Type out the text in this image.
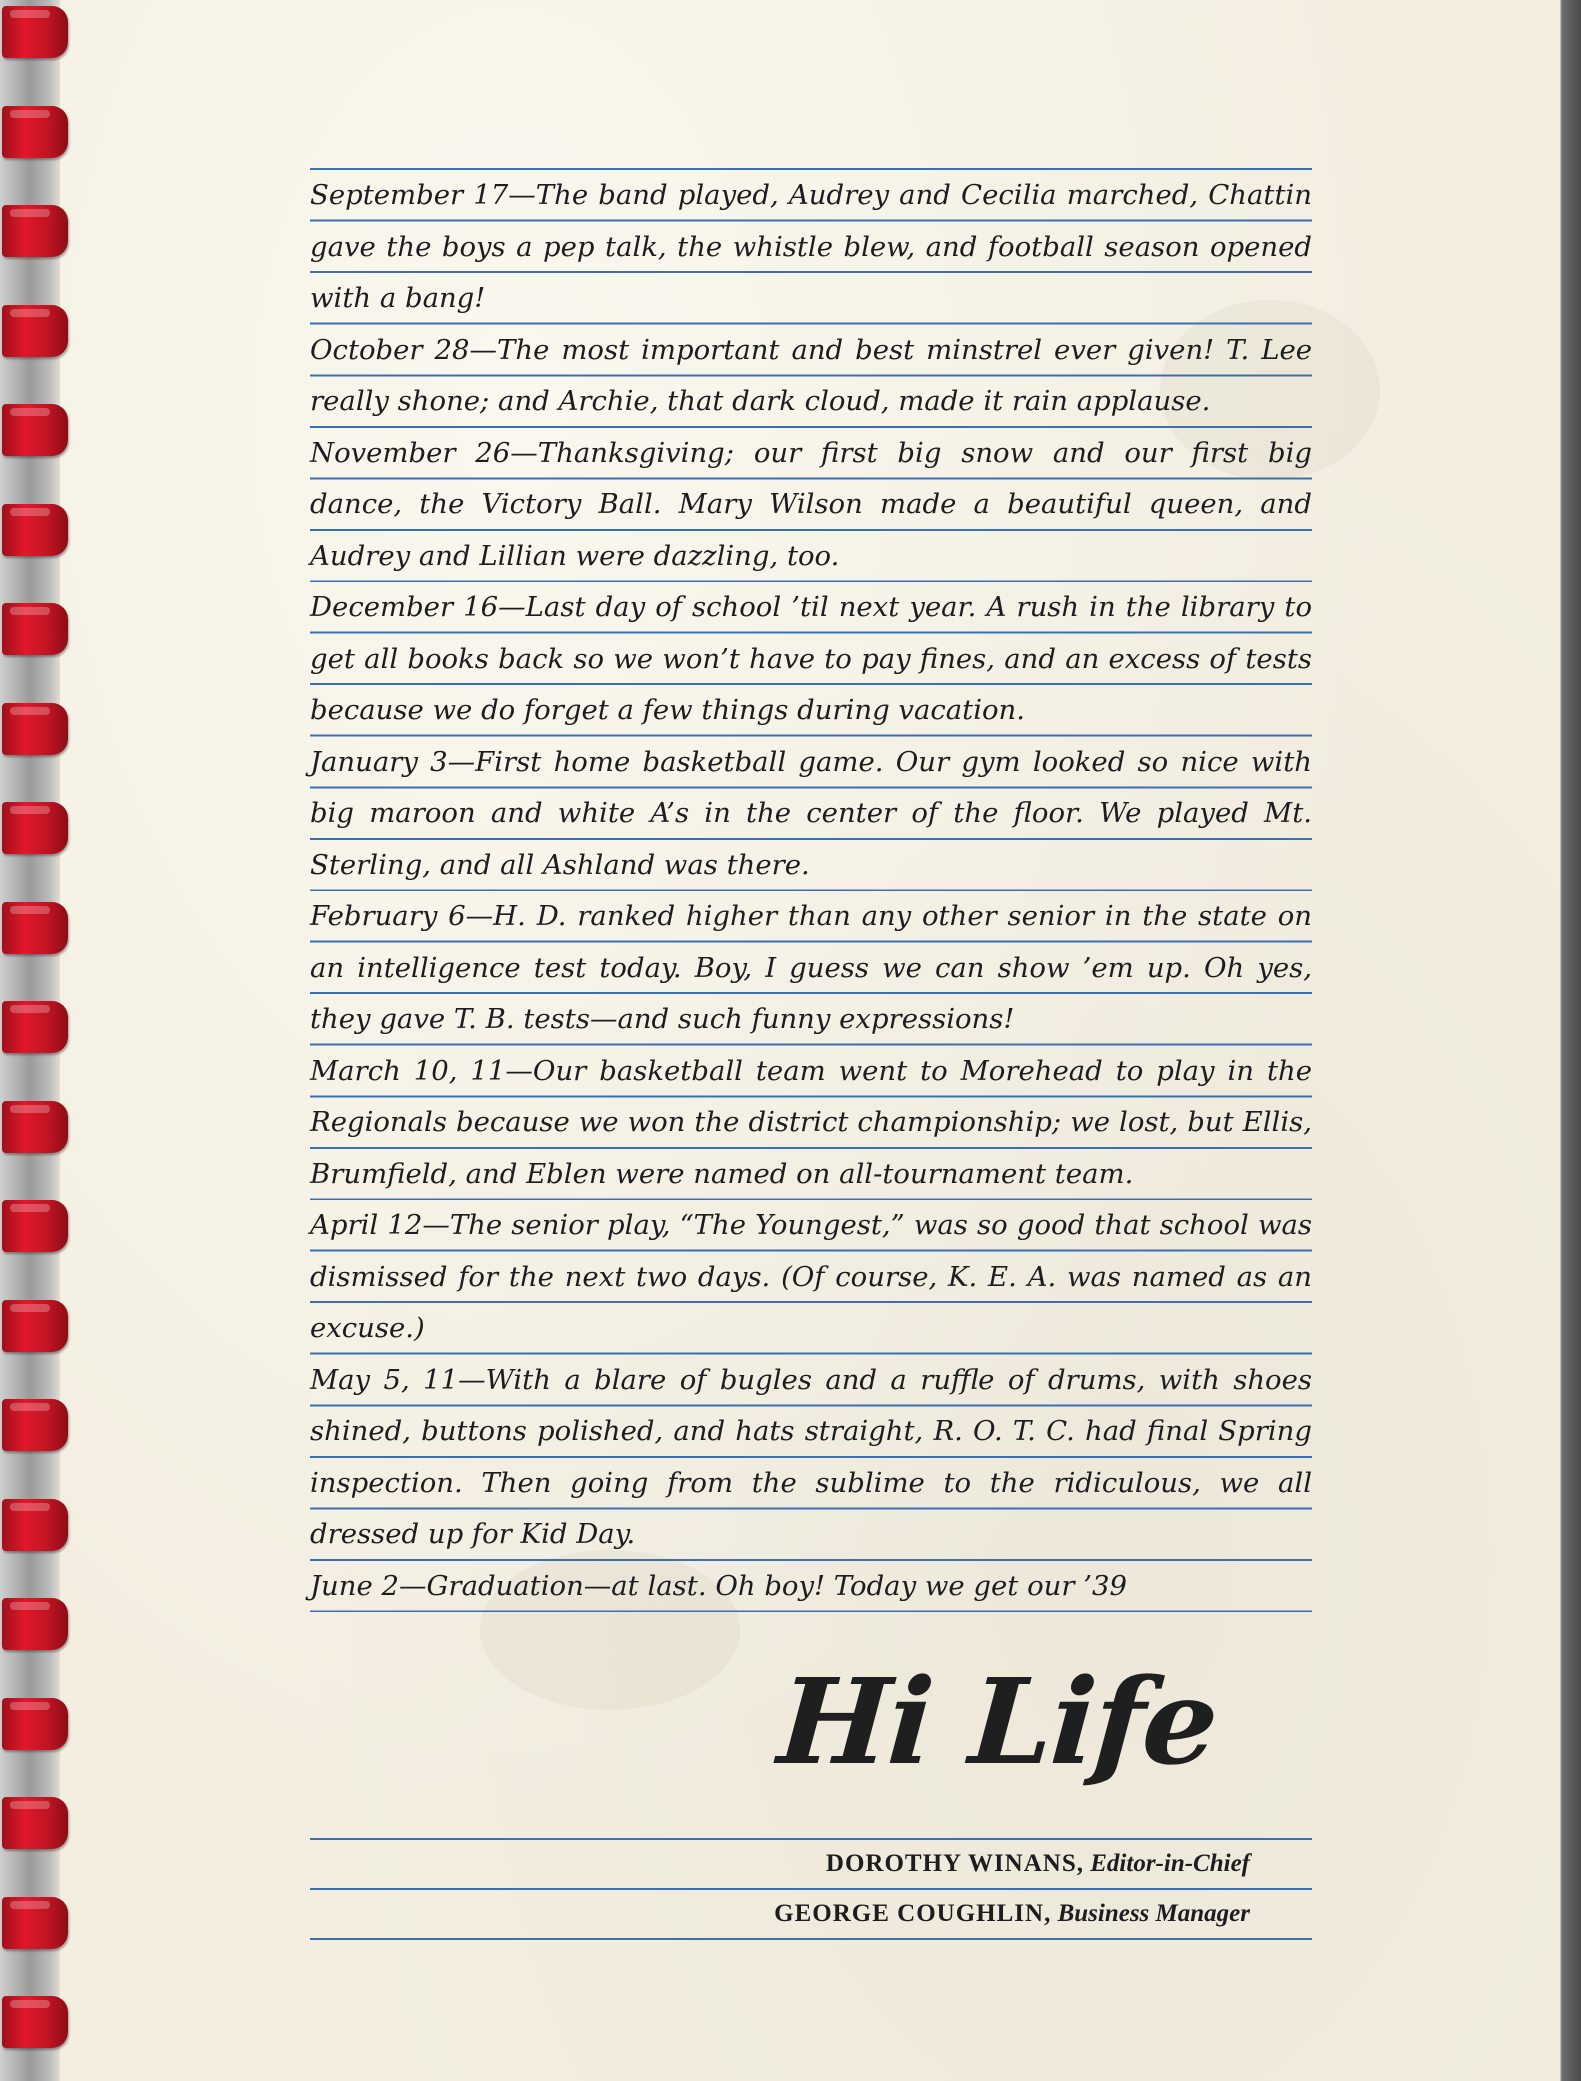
September 17—The band played, Audrey and Cecilia marched, Chattin gave the boys a pep talk, the whistle blew, and football season opened with a bang!
October 28—The most important and best minstrel ever given! T. Lee really shone; and Archie, that dark cloud, made it rain applause.
November 26—Thanksgiving; our first big snow and our first big dance, the Victory Ball. Mary Wilson made a beautiful queen, and Audrey and Lillian were dazzling, too.
December 16—Last day of school ’til next year. A rush in the library to get all books back so we won’t have to pay fines, and an excess of tests because we do forget a few things during vacation.
January 3—First home basketball game. Our gym looked so nice with big maroon and white A’s in the center of the floor. We played Mt. Sterling, and all Ashland was there.
February 6—H. D. ranked higher than any other senior in the state on an intelligence test today. Boy, I guess we can show ’em up. Oh yes, they gave T. B. tests—and such funny expressions!
March 10, 11—Our basketball team went to Morehead to play in the Regionals because we won the district championship; we lost, but Ellis, Brumfield, and Eblen were named on all-tournament team.
April 12—The senior play, “The Youngest,” was so good that school was dismissed for the next two days. (Of course, K. E. A. was named as an excuse.)
May 5, 11—With a blare of bugles and a ruffle of drums, with shoes shined, buttons polished, and hats straight, R. O. T. C. had final Spring inspection. Then going from the sublime to the ridiculous, we all dressed up for Kid Day.
June 2—Graduation—at last. Oh boy! Today we get our ’39
Hi Life
DOROTHY WINANS, Editor-in-Chief
GEORGE COUGHLIN, Business Manager
